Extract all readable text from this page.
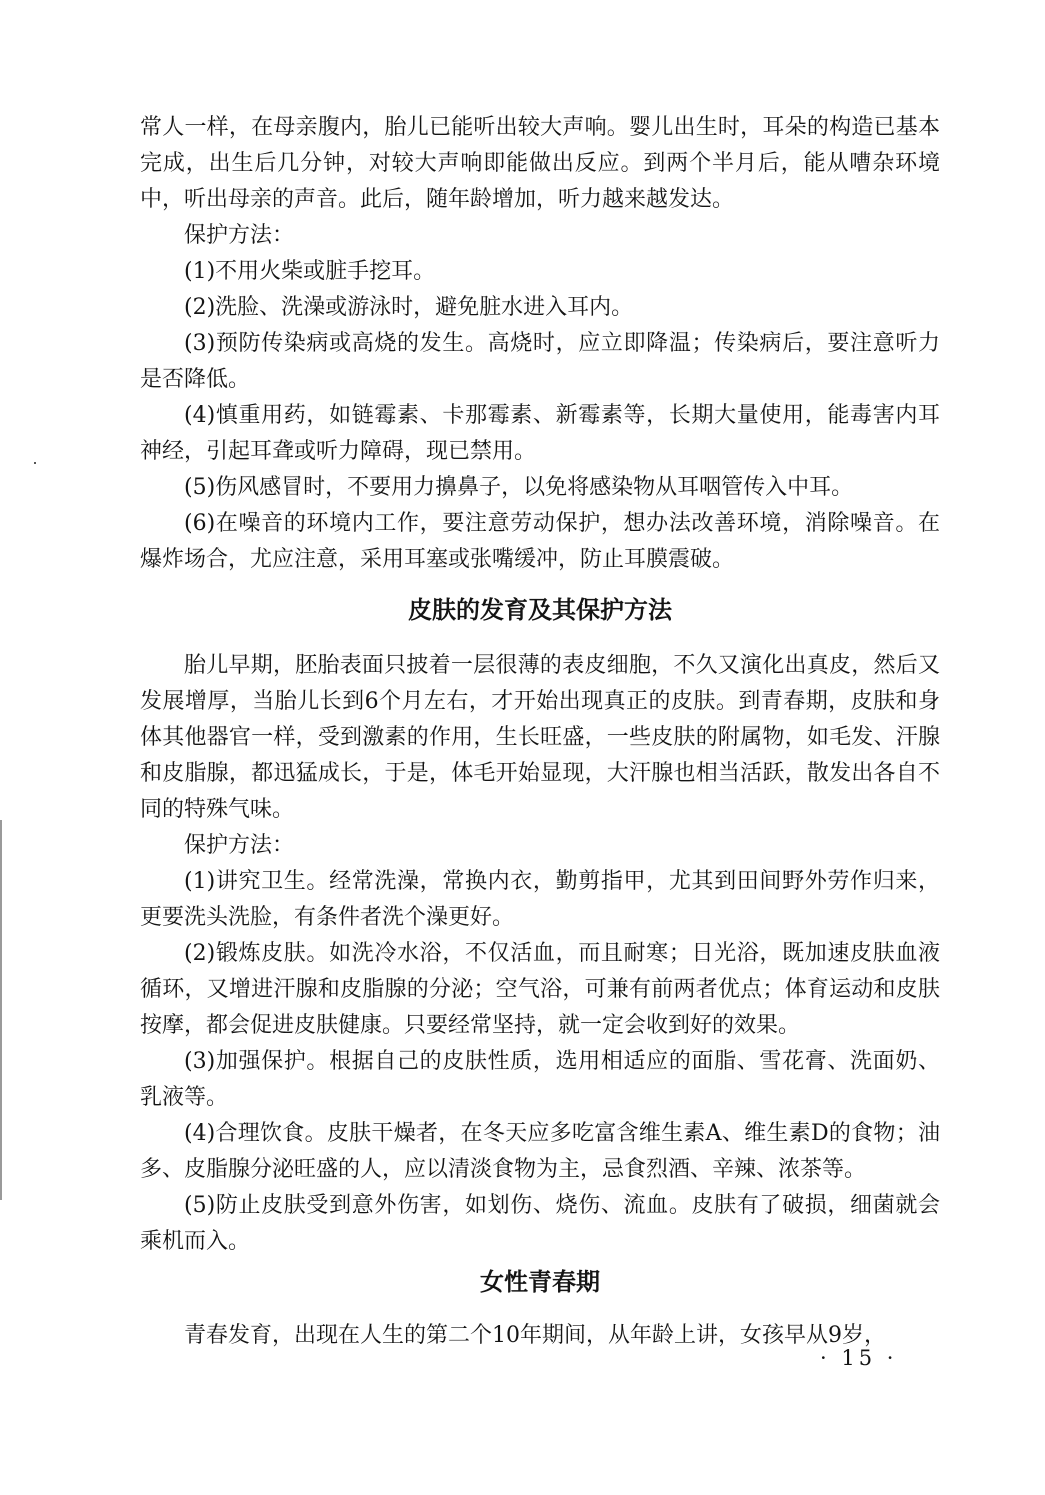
常人一样，在母亲腹内，胎儿已能听出较大声响。婴儿出生时，耳朵的构造已基本完成，出生后几分钟，对较大声响即能做出反应。到两个半月后，能从嘈杂环境中，听出母亲的声音。此后，随年龄增加，听力越来越发达。

保护方法：

(1)不用火柴或脏手挖耳。

(2)洗脸、洗澡或游泳时，避免脏水进入耳内。

(3)预防传染病或高烧的发生。高烧时，应立即降温；传染病后，要注意听力是否降低。

(4)慎重用药，如链霉素、卡那霉素、新霉素等，长期大量使用，能毒害内耳神经，引起耳聋或听力障碍，现已禁用。

(5)伤风感冒时，不要用力擤鼻子，以免将感染物从耳咽管传入中耳。

(6)在噪音的环境内工作，要注意劳动保护，想办法改善环境，消除噪音。在爆炸场合，尤应注意，采用耳塞或张嘴缓冲，防止耳膜震破。

皮肤的发育及其保护方法

胎儿早期，胚胎表面只披着一层很薄的表皮细胞，不久又演化出真皮，然后又发展增厚，当胎儿长到6个月左右，才开始出现真正的皮肤。到青春期，皮肤和身体其他器官一样，受到激素的作用，生长旺盛，一些皮肤的附属物，如毛发、汗腺和皮脂腺，都迅猛成长，于是，体毛开始显现，大汗腺也相当活跃，散发出各自不同的特殊气味。

保护方法：

(1)讲究卫生。经常洗澡，常换内衣，勤剪指甲，尤其到田间野外劳作归来，更要洗头洗脸，有条件者洗个澡更好。

(2)锻炼皮肤。如洗冷水浴，不仅活血，而且耐寒；日光浴，既加速皮肤血液循环，又增进汗腺和皮脂腺的分泌；空气浴，可兼有前两者优点；体育运动和皮肤按摩，都会促进皮肤健康。只要经常坚持，就一定会收到好的效果。

(3)加强保护。根据自己的皮肤性质，选用相适应的面脂、雪花膏、洗面奶、乳液等。

(4)合理饮食。皮肤干燥者，在冬天应多吃富含维生素A、维生素D的食物；油多、皮脂腺分泌旺盛的人，应以清淡食物为主，忌食烈酒、辛辣、浓茶等。

(5)防止皮肤受到意外伤害，如划伤、烧伤、流血。皮肤有了破损，细菌就会乘机而入。

女性青春期

青春发育，出现在人生的第二个10年期间，从年龄上讲，女孩早从9岁，

· 15 ·
